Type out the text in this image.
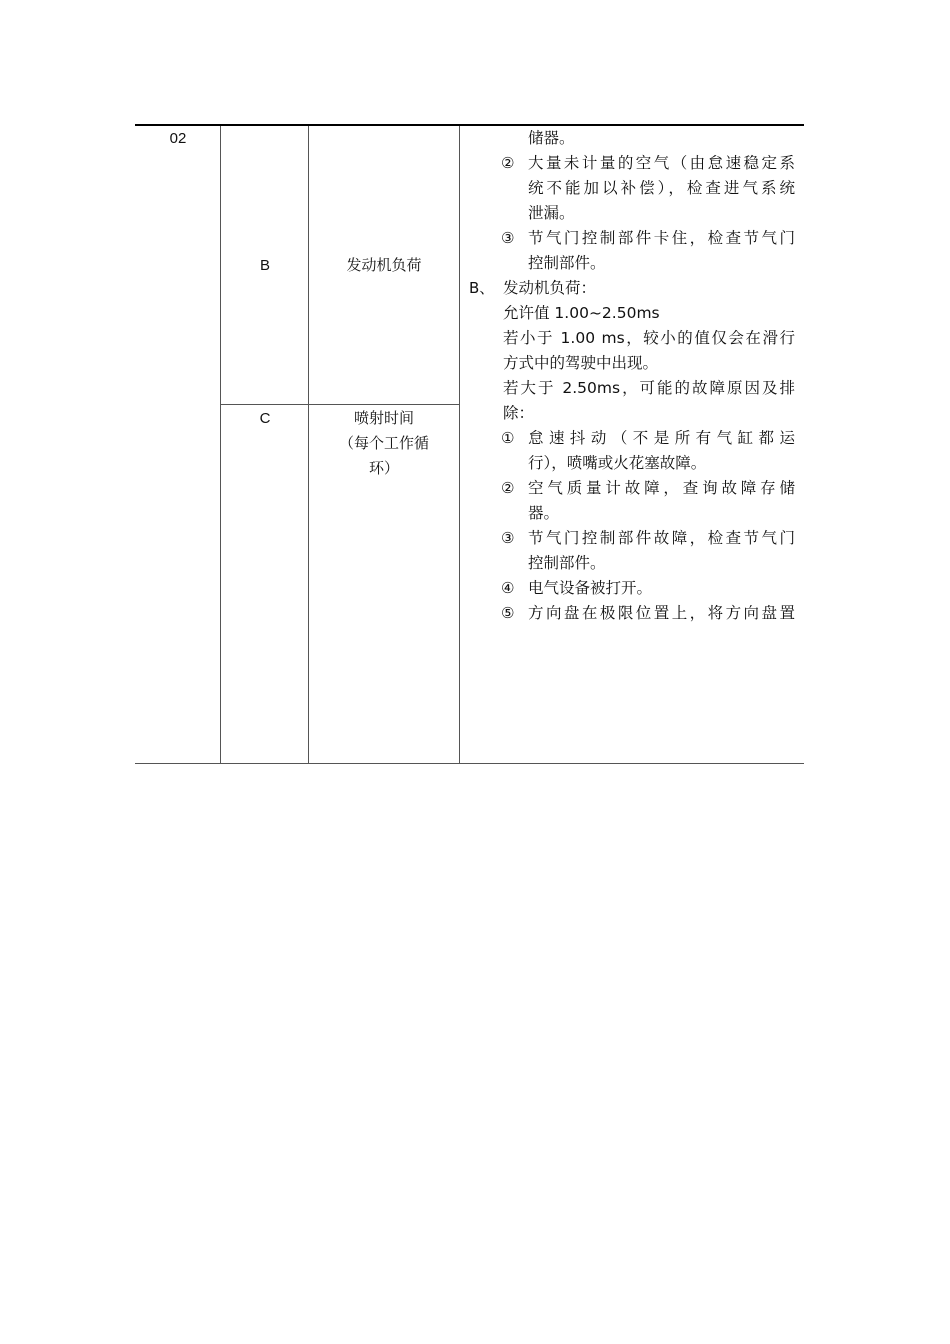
02
B	发动机负荷
C	喷射时间
（每个工作循
环）
储器。
② 大量未计量的空气（由怠速稳定系
统不能加以补偿），检查进气系统
泄漏。
③ 节气门控制部件卡住，检查节气门
控制部件。
B、 发动机负荷：
允许值 1.00~2.50ms
若小于 1.00 ms，较小的值仅会在滑行
方式中的驾驶中出现。
若大于 2.50ms，可能的故障原因及排
除：
① 怠速抖动（不是所有气缸都运
行），喷嘴或火花塞故障。
② 空气质量计故障，查询故障存储
器。
③ 节气门控制部件故障，检查节气门
控制部件。
④ 电气设备被打开。
⑤ 方向盘在极限位置上，将方向盘置
